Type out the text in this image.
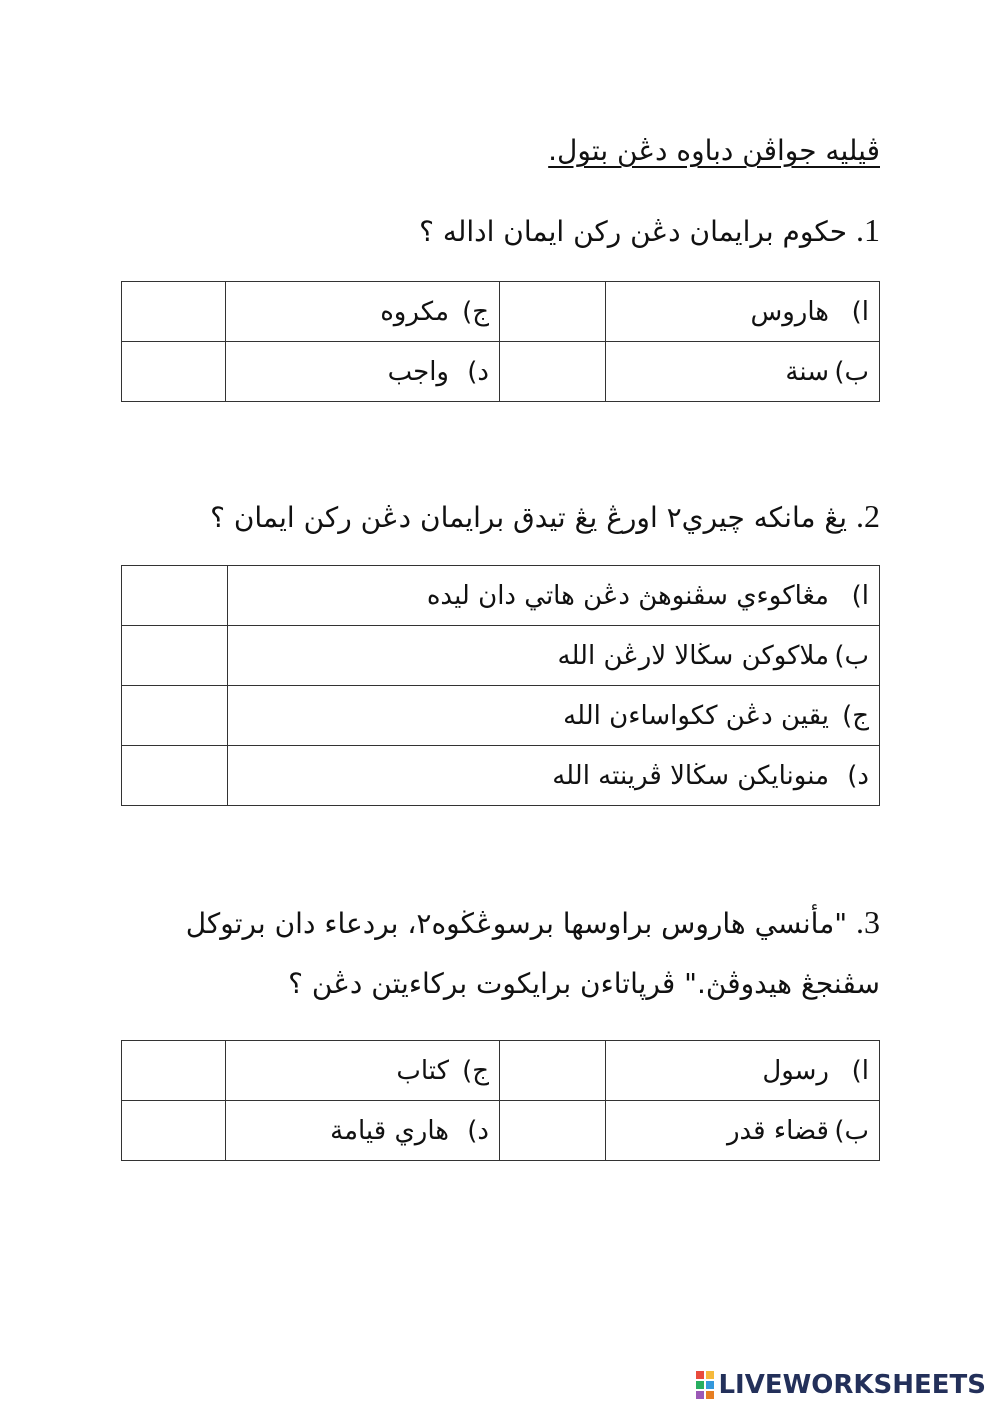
ڤيليه جواڤن دباوه دڠن بتول.
1. حكوم برايمان دڠن ركن ايمان اداله ؟
ا)هاروس		ج)مكروه	
ب)سنة		د)واجب	
2. يڠ مانكه چيري٢ اورڠ يڠ تيدق برايمان دڠن ركن ايمان ؟
ا)مڠاكوءي سڤنوهڽ دڠن هاتي دان ليده	
ب)ملاكوكن سڬالا لارڠن الله	
ج)يقين دڠن ككواساءن الله	
د)منونايكن سڬالا ڤرينته الله	
3. "مأنسي هاروس براوسها برسوڠڬوه٢، بردعاء دان برتوكل
سڤنجڠ هيدوڤڽ." ڤرڽاتاءن برايكوت بركاءيتن دڠن ؟
ا)رسول		ج)كتاب	
ب)قضاء قدر		د)هاري قيامة	
LIVEWORKSHEETS
